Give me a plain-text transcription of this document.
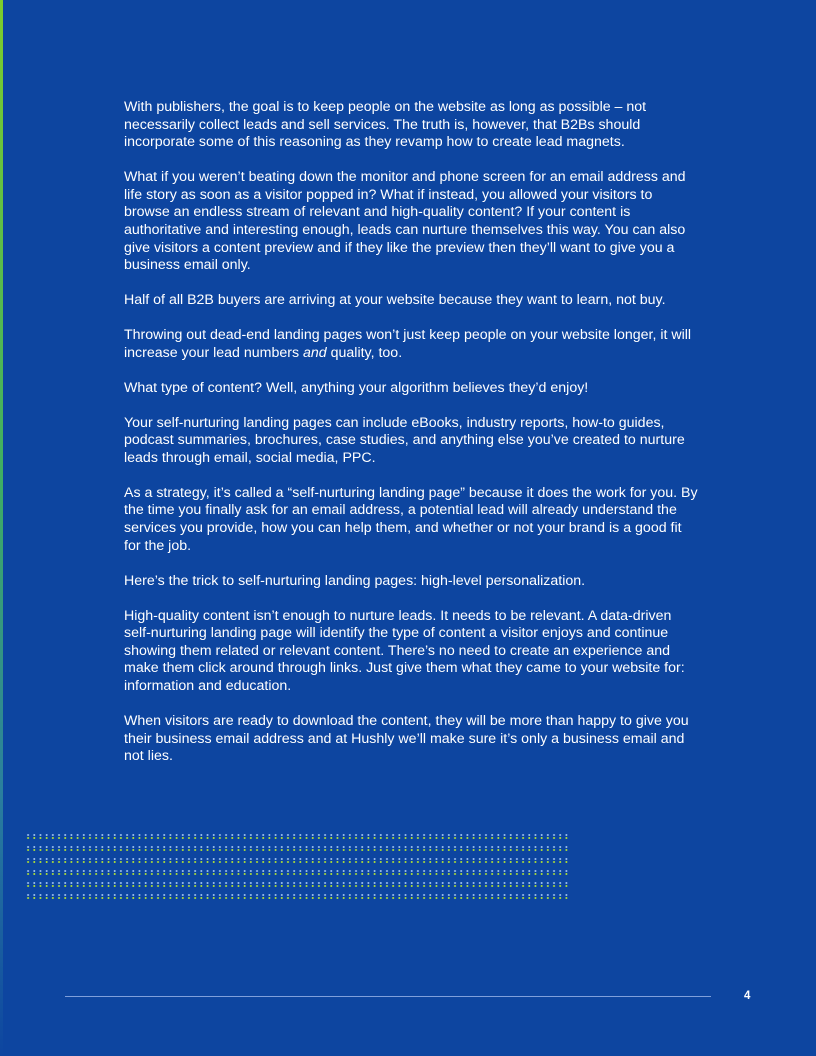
With publishers, the goal is to keep people on the website as long as possible – not necessarily collect leads and sell services. The truth is, however, that B2Bs should incorporate some of this reasoning as they revamp how to create lead magnets.

What if you weren’t beating down the monitor and phone screen for an email address and life story as soon as a visitor popped in? What if instead, you allowed your visitors to browse an endless stream of relevant and high-quality content? If your content is authoritative and interesting enough, leads can nurture themselves this way. You can also give visitors a content preview and if they like the preview then they’ll want to give you a business email only.

Half of all B2B buyers are arriving at your website because they want to learn, not buy.

Throwing out dead-end landing pages won’t just keep people on your website longer, it will increase your lead numbers and quality, too.

What type of content? Well, anything your algorithm believes they’d enjoy!

Your self-nurturing landing pages can include eBooks, industry reports, how-to guides, podcast summaries, brochures, case studies, and anything else you’ve created to nurture leads through email, social media, PPC.

As a strategy, it’s called a “self-nurturing landing page” because it does the work for you. By the time you finally ask for an email address, a potential lead will already understand the services you provide, how you can help them, and whether or not your brand is a good fit for the job.

Here’s the trick to self-nurturing landing pages: high-level personalization.

High-quality content isn’t enough to nurture leads. It needs to be relevant. A data-driven self-nurturing landing page will identify the type of content a visitor enjoys and continue showing them related or relevant content. There’s no need to create an experience and make them click around through links. Just give them what they came to your website for: information and education.

When visitors are ready to download the content, they will be more than happy to give you their business email address and at Hushly we’ll make sure it’s only a business email and not lies.

4
